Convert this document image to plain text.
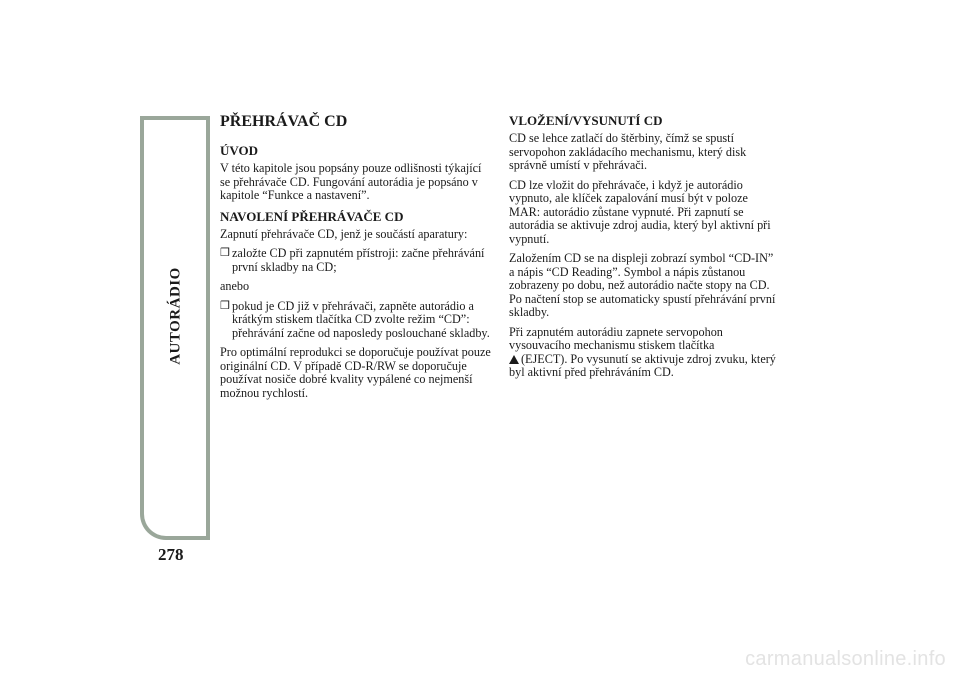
AUTORÁDIO
278
PŘEHRÁVAČ CD
ÚVOD

V této kapitole jsou popsány pouze odlišnosti týkající se přehrávače CD. Fungování autorádia je popsáno v kapitole “Funkce a nastavení”.

NAVOLENÍ PŘEHRÁVAČE CD

Zapnutí přehrávače CD, jenž je součástí aparatury:

❒ založte CD při zapnutém přístroji: začne přehrávání první skladby na CD;

anebo

❒ pokud je CD již v přehrávači, zapněte autorádio a krátkým stiskem tlačítka CD zvolte režim “CD”: přehrávání začne od naposledy poslouchané skladby.

Pro optimální reprodukci se doporučuje používat pouze originální CD. V případě CD-R/RW se doporučuje používat nosiče dobré kvality vypálené co nejmenší možnou rychlostí.

VLOŽENÍ/VYSUNUTÍ CD

CD se lehce zatlačí do štěrbiny, čímž se spustí servopohon zakládacího mechanismu, který disk správně umístí v přehrávači.

CD lze vložit do přehrávače, i když je autorádio vypnuto, ale klíček zapalování musí být v poloze MAR: autorádio zůstane vypnuté. Při zapnutí se autorádia se aktivuje zdroj audia, který byl aktivní při vypnutí.

Založením CD se na displeji zobrazí symbol “CD-IN” a nápis “CD Reading”. Symbol a nápis zůstanou zobrazeny po dobu, než autorádio načte stopy na CD. Po načtení stop se automaticky spustí přehrávání první skladby.

Při zapnutém autorádiu zapnete servopohon vysouvacího mechanismu stiskem tlačítka
(EJECT). Po vysunutí se aktivuje zdroj zvuku, který byl aktivní před přehráváním CD.

carmanualsonline.info
